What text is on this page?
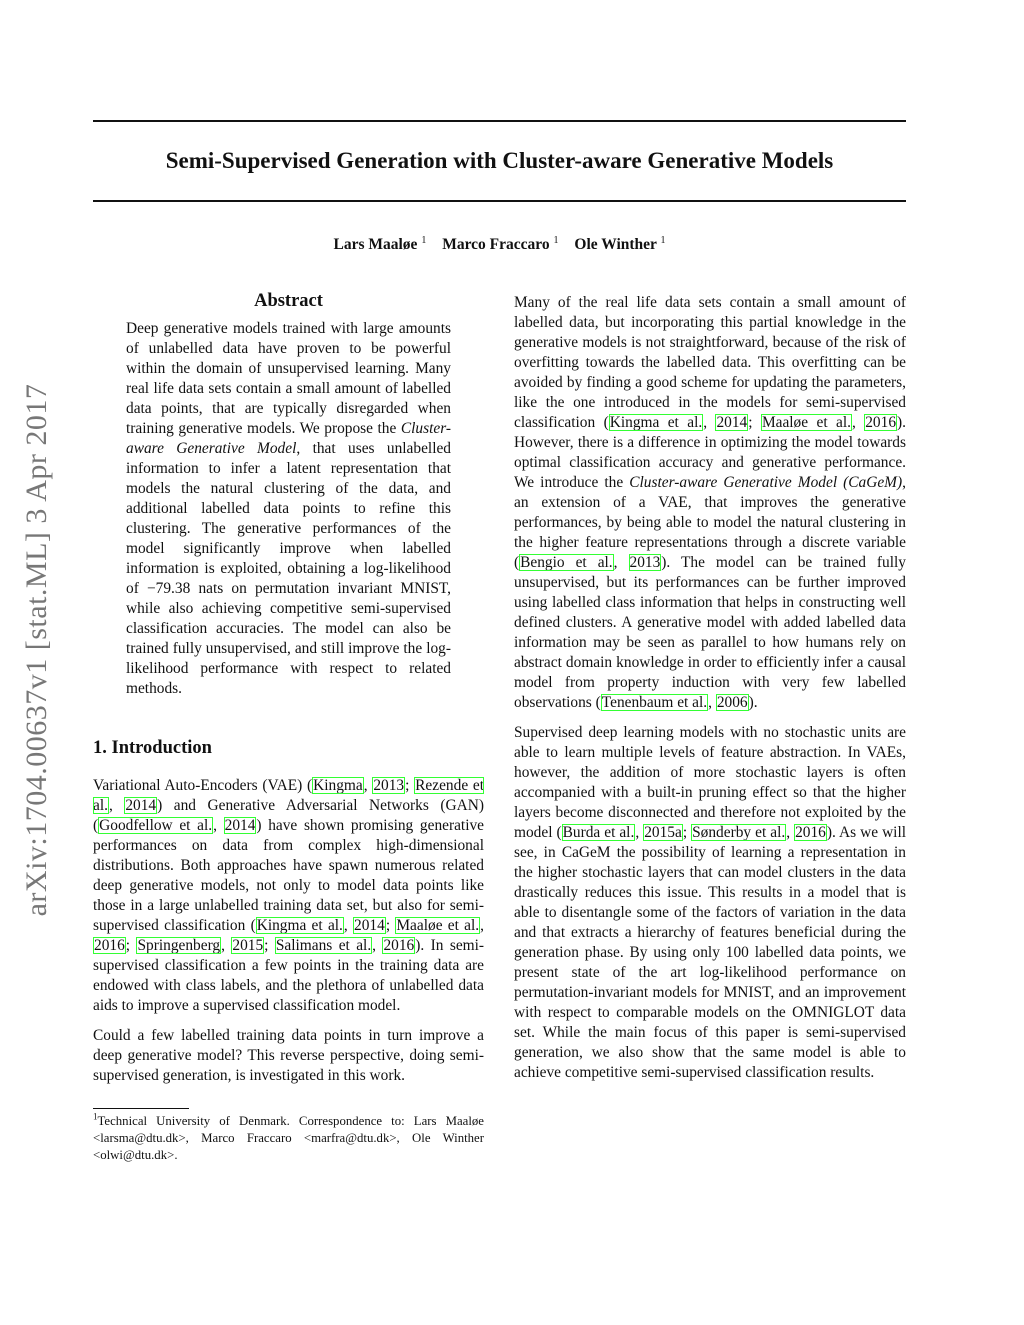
Semi-Supervised Generation with Cluster-aware Generative Models
Lars Maaløe $^1$ Marco Fraccaro $^1$ Ole Winther $^1$
arXiv:1704.00637v1 [stat.ML] 3 Apr 2017

Abstract

Deep generative models trained with large amounts of unlabelled data have proven to be powerful within the domain of unsupervised learning. Many real life data sets contain a small amount of labelled data points, that are typically disregarded when training generative models. We propose the Cluster-aware Generative Model, that uses unlabelled information to infer a latent representation that models the natural clustering of the data, and additional labelled data points to refine this clustering. The generative performances of the model significantly improve when labelled information is exploited, obtaining a log-likelihood of −79.38 nats on permutation invariant MNIST, while also achieving competitive semi-supervised classification accuracies. The model can also be trained fully unsupervised, and still improve the log-likelihood performance with respect to related methods.

1. Introduction

Variational Auto-Encoders (VAE) (Kingma, 2013; Rezende et al., 2014) and Generative Adversarial Networks (GAN) (Goodfellow et al., 2014) have shown promising generative performances on data from complex high-dimensional distributions. Both approaches have spawn numerous related deep generative models, not only to model data points like those in a large unlabelled training data set, but also for semi-supervised classification (Kingma et al., 2014; Maaløe et al., 2016; Springenberg, 2015; Salimans et al., 2016). In semi-supervised classification a few points in the training data are endowed with class labels, and the plethora of unlabelled data aids to improve a supervised classification model.

Could a few labelled training data points in turn improve a deep generative model? This reverse perspective, doing semi-supervised generation, is investigated in this work.

$^1$Technical University of Denmark. Correspondence to: Lars Maaløe <larsma@dtu.dk>, Marco Fraccaro <marfra@dtu.dk>, Ole Winther <olwi@dtu.dk>.

Many of the real life data sets contain a small amount of labelled data, but incorporating this partial knowledge in the generative models is not straightforward, because of the risk of overfitting towards the labelled data. This overfitting can be avoided by finding a good scheme for updating the parameters, like the one introduced in the models for semi-supervised classification (Kingma et al., 2014; Maaløe et al., 2016). However, there is a difference in optimizing the model towards optimal classification accuracy and generative performance. We introduce the Cluster-aware Generative Model (CaGeM), an extension of a VAE, that improves the generative performances, by being able to model the natural clustering in the higher feature representations through a discrete variable (Bengio et al., 2013). The model can be trained fully unsupervised, but its performances can be further improved using labelled class information that helps in constructing well defined clusters. A generative model with added labelled data information may be seen as parallel to how humans rely on abstract domain knowledge in order to efficiently infer a causal model from property induction with very few labelled observations (Tenenbaum et al., 2006).

Supervised deep learning models with no stochastic units are able to learn multiple levels of feature abstraction. In VAEs, however, the addition of more stochastic layers is often accompanied with a built-in pruning effect so that the higher layers become disconnected and therefore not exploited by the model (Burda et al., 2015a; Sønderby et al., 2016). As we will see, in CaGeM the possibility of learning a representation in the higher stochastic layers that can model clusters in the data drastically reduces this issue. This results in a model that is able to disentangle some of the factors of variation in the data and that extracts a hierarchy of features beneficial during the generation phase. By using only 100 labelled data points, we present state of the art log-likelihood performance on permutation-invariant models for MNIST, and an improvement with respect to comparable models on the OMNIGLOT data set. While the main focus of this paper is semi-supervised generation, we also show that the same model is able to achieve competitive semi-supervised classification results.
